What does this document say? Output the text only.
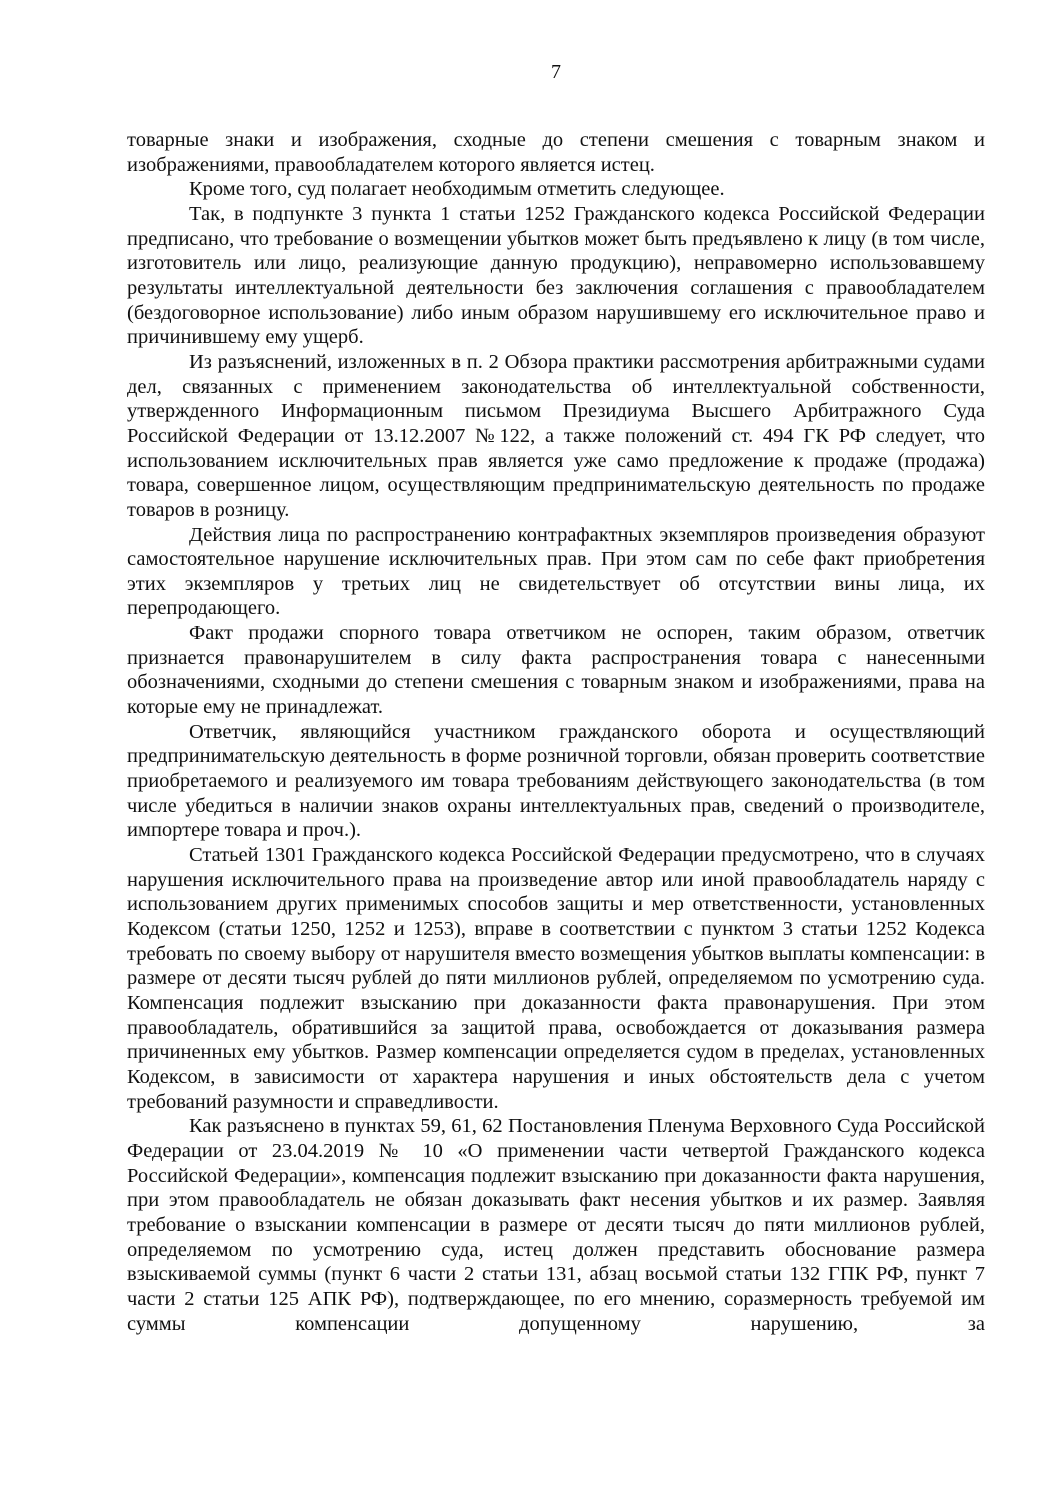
7

товарные знаки и изображения, сходные до степени смешения с товарным знаком и изображениями, правообладателем которого является истец.

Кроме того, суд полагает необходимым отметить следующее.

Так, в подпункте 3 пункта 1 статьи 1252 Гражданского кодекса Российской Федерации предписано, что требование о возмещении убытков может быть предъявлено к лицу (в том числе, изготовитель или лицо, реализующие данную продукцию), неправомерно использовавшему результаты интеллектуальной деятельности без заключения соглашения с правообладателем (бездоговорное использование) либо иным образом нарушившему его исключительное право и причинившему ему ущерб.

Из разъяснений, изложенных в п. 2 Обзора практики рассмотрения арбитражными судами дел, связанных с применением законодательства об интеллектуальной собственности, утвержденного Информационным письмом Президиума Высшего Арбитражного Суда Российской Федерации от 13.12.2007 №122, а также положений ст. 494 ГК РФ следует, что использованием исключительных прав является уже само предложение к продаже (продажа) товара, совершенное лицом, осуществляющим предпринимательскую деятельность по продаже товаров в розницу.

Действия лица по распространению контрафактных экземпляров произведения образуют самостоятельное нарушение исключительных прав. При этом сам по себе факт приобретения этих экземпляров у третьих лиц не свидетельствует об отсутствии вины лица, их перепродающего.

Факт продажи спорного товара ответчиком не оспорен, таким образом, ответчик признается правонарушителем в силу факта распространения товара с нанесенными обозначениями, сходными до степени смешения с товарным знаком и изображениями, права на которые ему не принадлежат.

Ответчик, являющийся участником гражданского оборота и осуществляющий предпринимательскую деятельность в форме розничной торговли, обязан проверить соответствие приобретаемого и реализуемого им товара требованиям действующего законодательства (в том числе убедиться в наличии знаков охраны интеллектуальных прав, сведений о производителе, импортере товара и проч.).

Статьей 1301 Гражданского кодекса Российской Федерации предусмотрено, что в случаях нарушения исключительного права на произведение автор или иной правообладатель наряду с использованием других применимых способов защиты и мер ответственности, установленных Кодексом (статьи 1250, 1252 и 1253), вправе в соответствии с пунктом 3 статьи 1252 Кодекса требовать по своему выбору от нарушителя вместо возмещения убытков выплаты компенсации: в размере от десяти тысяч рублей до пяти миллионов рублей, определяемом по усмотрению суда. Компенсация подлежит взысканию при доказанности факта правонарушения. При этом правообладатель, обратившийся за защитой права, освобождается от доказывания размера причиненных ему убытков. Размер компенсации определяется судом в пределах, установленных Кодексом, в зависимости от характера нарушения и иных обстоятельств дела с учетом требований разумности и справедливости.

Как разъяснено в пунктах 59, 61, 62 Постановления Пленума Верховного Суда Российской Федерации от 23.04.2019 № 10 «О применении части четвертой Гражданского кодекса Российской Федерации», компенсация подлежит взысканию при доказанности факта нарушения, при этом правообладатель не обязан доказывать факт несения убытков и их размер. Заявляя требование о взыскании компенсации в размере от десяти тысяч до пяти миллионов рублей, определяемом по усмотрению суда, истец должен представить обоснование размера взыскиваемой суммы (пункт 6 части 2 статьи 131, абзац восьмой статьи 132 ГПК РФ, пункт 7 части 2 статьи 125 АПК РФ), подтверждающее, по его мнению, соразмерность требуемой им суммы компенсации допущенному нарушению, за
